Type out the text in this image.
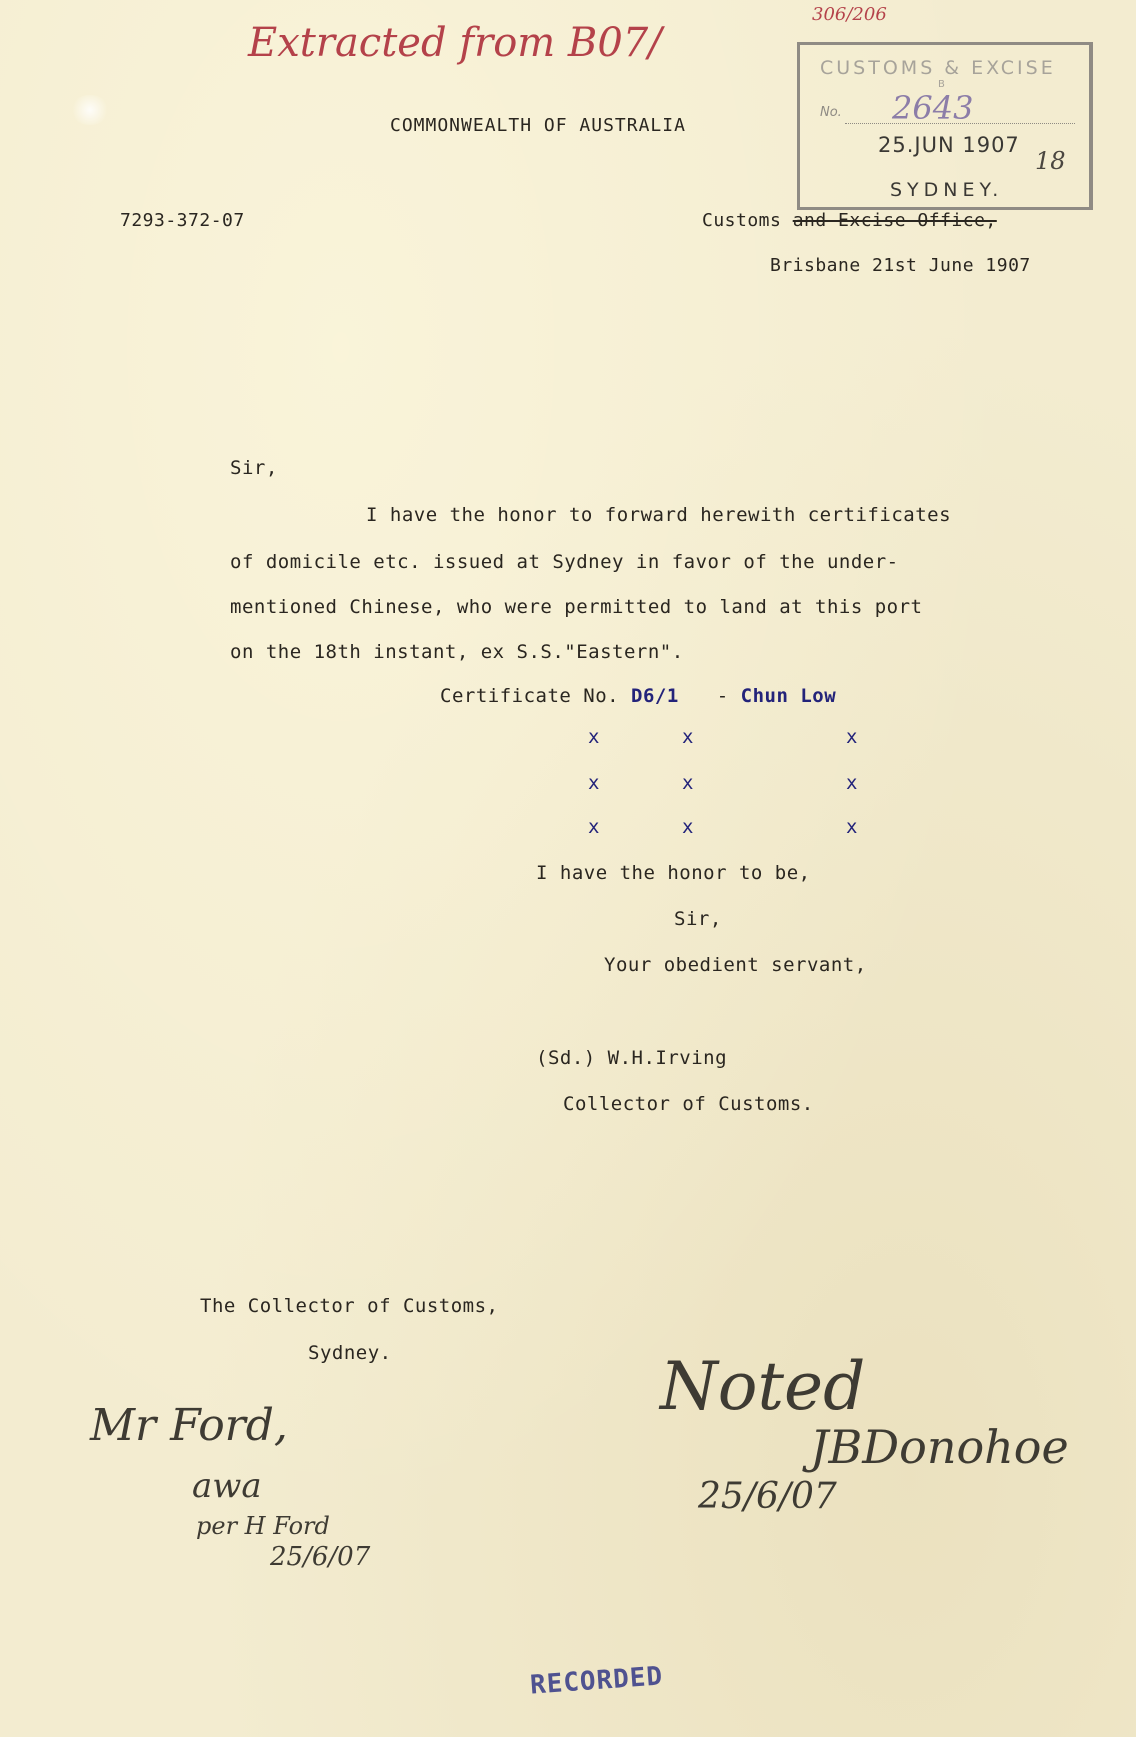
Extracted from B07/
306/206
COMMONWEALTH OF AUSTRALIA
7293-372-07
CUSTOMS & EXCISE
B
No. 2643
25.JUN 1907
18
SYDNEY.
Customs and Excise Office,
Brisbane 21st June 1907
Sir,
I have the honor to forward herewith certificates
of domicile etc. issued at Sydney in favor of the under-
mentioned Chinese, who were permitted to land at this port
on the 18th instant, ex S.S."Eastern".
Certificate No. D6/1 - Chun Low
x	x	x
x	x	x
x	x	x
I have the honor to be,
Sir,
Your obedient servant,
(Sd.) W.H.Irving
Collector of Customs.
The Collector of Customs,
Sydney.
Mr Ford,
awa
per H Ford
25/6/07
Noted
JBDonohoe
25/6/07
RECORDED
